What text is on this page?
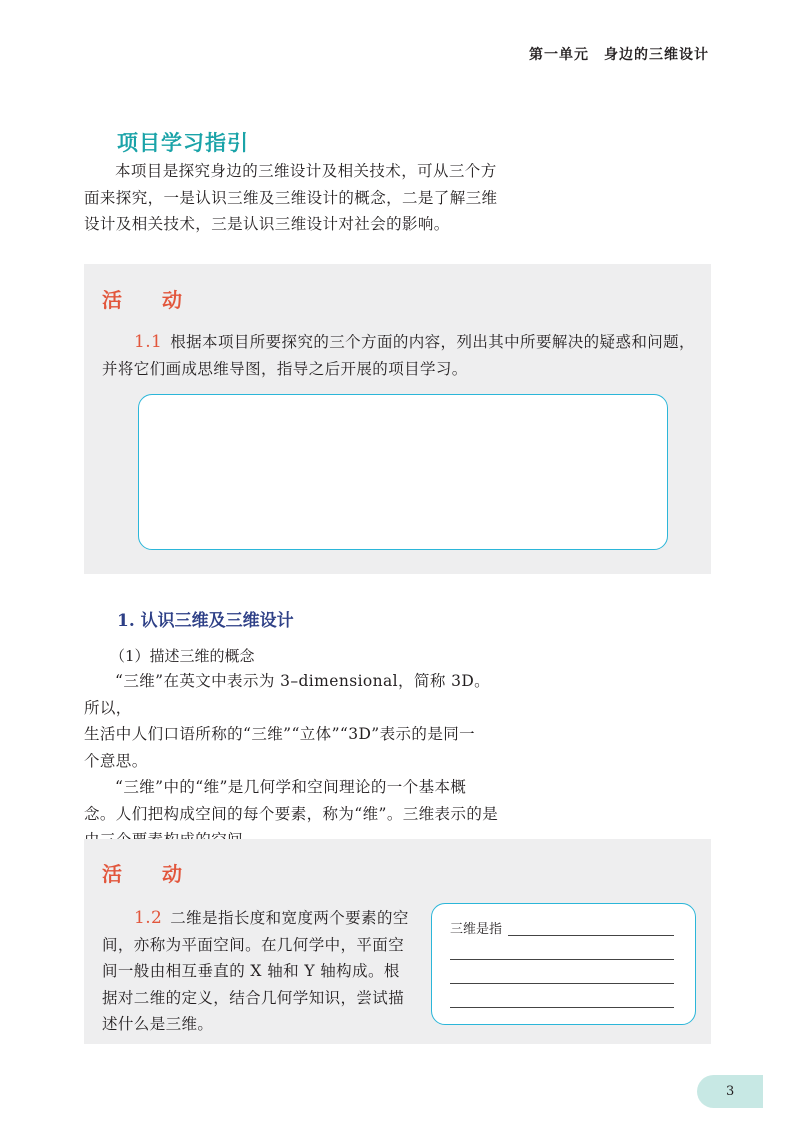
第一单元　身边的三维设计
项目学习指引

本项目是探究身边的三维设计及相关技术，可从三个方

面来探究，一是认识三维及三维设计的概念，二是了解三维
设计及相关技术，三是认识三维设计对社会的影响。
活　动
1.1 根据本项目所要探究的三个方面的内容，列出其中所要解决的疑惑和问题，
并将它们画成思维导图，指导之后开展的项目学习。
1. 认识三维及三维设计
（1）描述三维的概念

“三维”在英文中表示为 3–dimensional，简称 3D。所以，

生活中人们口语所称的“三维”“立体”“3D”表示的是同一
个意思。

“三维”中的“维”是几何学和空间理论的一个基本概

念。人们把构成空间的每个要素，称为“维”。三维表示的是
活　动
1.2 二维是指长度和宽度两个要素的空
间，亦称为平面空间。在几何学中，平面空
间一般由相互垂直的 X 轴和 Y 轴构成。根
据对二维的定义，结合几何学知识，尝试描
述什么是三维。
三维是指
3
